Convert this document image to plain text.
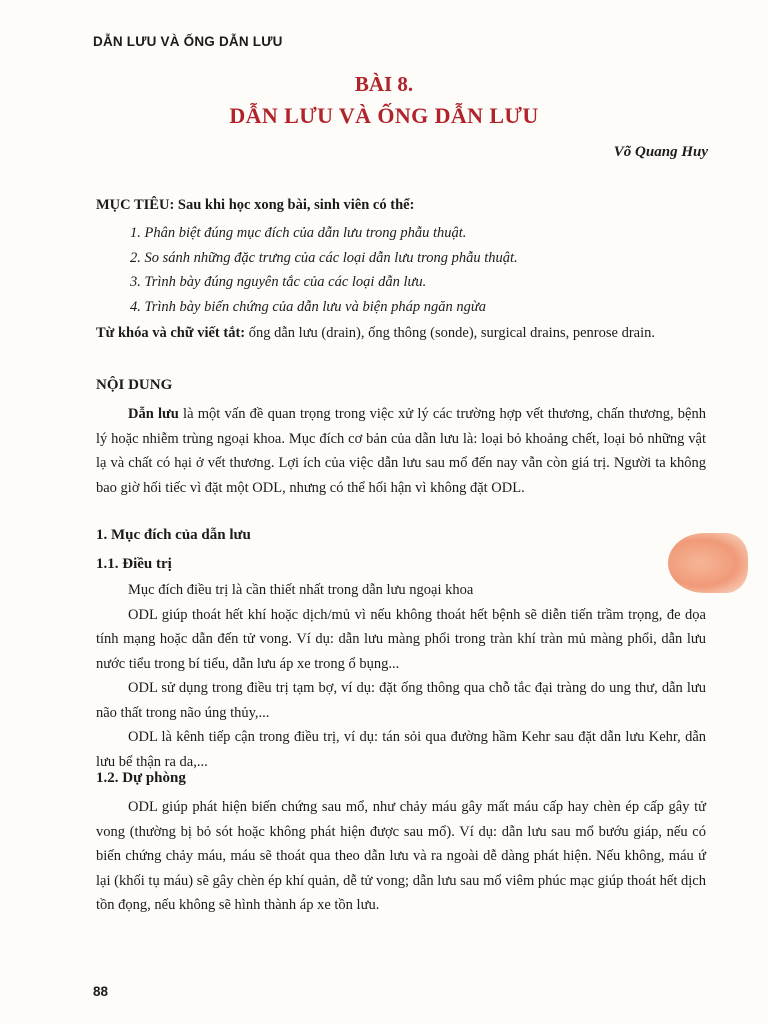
DẪN LƯU VÀ ỐNG DẪN LƯU
BÀI 8.
DẪN LƯU VÀ ỐNG DẪN LƯU
Võ Quang Huy

MỤC TIÊU: Sau khi học xong bài, sinh viên có thể:

1. Phân biệt đúng mục đích của dẫn lưu trong phẫu thuật.
2. So sánh những đặc trưng của các loại dẫn lưu trong phẫu thuật.
3. Trình bày đúng nguyên tắc của các loại dẫn lưu.
4. Trình bày biến chứng của dẫn lưu và biện pháp ngăn ngừa

Từ khóa và chữ viết tắt: ống dẫn lưu (drain), ống thông (sonde), surgical drains, penrose drain.

NỘI DUNG

Dẫn lưu là một vấn đề quan trọng trong việc xử lý các trường hợp vết thương, chấn thương, bệnh lý hoặc nhiễm trùng ngoại khoa. Mục đích cơ bản của dẫn lưu là: loại bỏ khoảng chết, loại bỏ những vật lạ và chất có hại ở vết thương. Lợi ích của việc dẫn lưu sau mổ đến nay vẫn còn giá trị. Người ta không bao giờ hối tiếc vì đặt một ODL, nhưng có thể hối hận vì không đặt ODL.

1. Mục đích của dẫn lưu
1.1. Điều trị

Mục đích điều trị là cần thiết nhất trong dẫn lưu ngoại khoa

ODL giúp thoát hết khí hoặc dịch/mủ vì nếu không thoát hết bệnh sẽ diễn tiến trầm trọng, đe dọa tính mạng hoặc dẫn đến tử vong. Ví dụ: dẫn lưu màng phổi trong tràn khí tràn mủ màng phổi, dẫn lưu nước tiểu trong bí tiểu, dẫn lưu áp xe trong ổ bụng...

ODL sử dụng trong điều trị tạm bợ, ví dụ: đặt ống thông qua chỗ tắc đại tràng do ung thư, dẫn lưu não thất trong não úng thủy,...

ODL là kênh tiếp cận trong điều trị, ví dụ: tán sỏi qua đường hầm Kehr sau đặt dẫn lưu Kehr, dẫn lưu bể thận ra da,...

1.2. Dự phòng

ODL giúp phát hiện biến chứng sau mổ, như chảy máu gây mất máu cấp hay chèn ép cấp gây tử vong (thường bị bỏ sót hoặc không phát hiện được sau mổ). Ví dụ: dẫn lưu sau mổ bướu giáp, nếu có biến chứng chảy máu, máu sẽ thoát qua theo dẫn lưu và ra ngoài dễ dàng phát hiện. Nếu không, máu ứ lại (khối tụ máu) sẽ gây chèn ép khí quản, dễ tử vong; dẫn lưu sau mổ viêm phúc mạc giúp thoát hết dịch tồn đọng, nếu không sẽ hình thành áp xe tồn lưu.

88
